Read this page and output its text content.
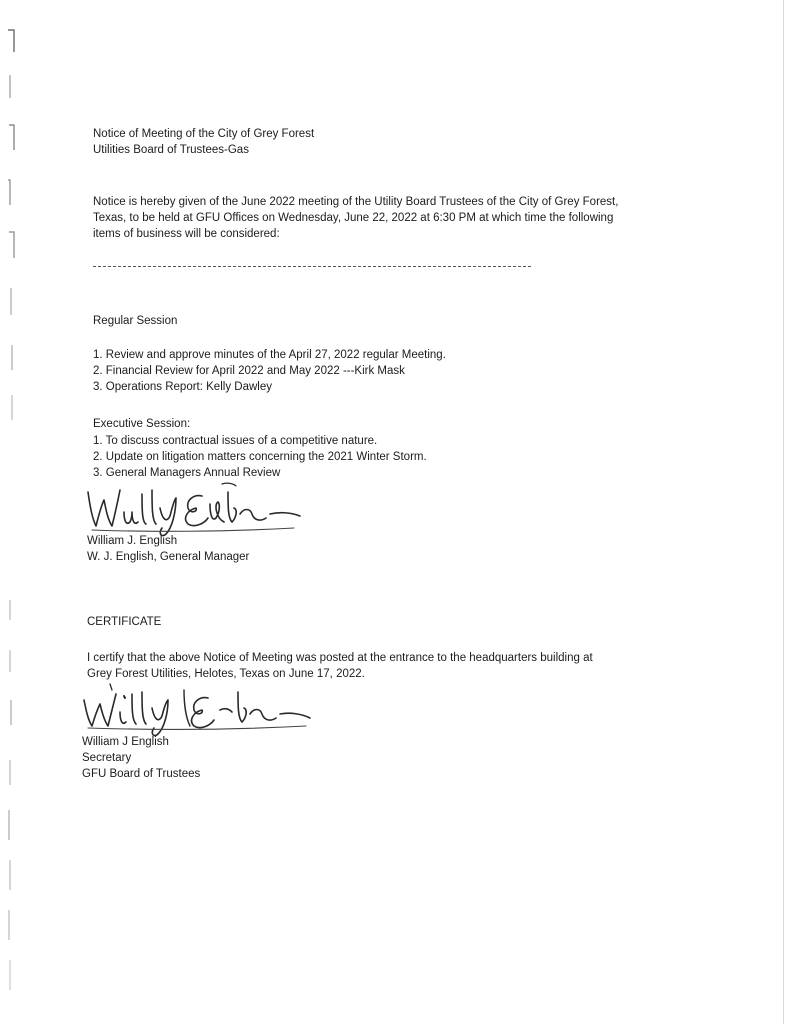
Notice of Meeting of the City of Grey Forest
Utilities Board of Trustees-Gas
Notice is hereby given of the June 2022 meeting of the Utility Board Trustees of the City of Grey Forest,
Texas, to be held at GFU Offices on Wednesday, June 22, 2022 at 6:30 PM at which time the following
items of business will be considered:
Regular Session
1. Review and approve minutes of the April 27, 2022 regular Meeting.
2. Financial Review for April 2022 and May 2022 ---Kirk Mask
3. Operations Report: Kelly Dawley
Executive Session:
1. To discuss contractual issues of a competitive nature.
2. Update on litigation matters concerning the 2021 Winter Storm.
3. General Managers Annual Review
William J. English
W. J. English, General Manager
CERTIFICATE
I certify that the above Notice of Meeting was posted at the entrance to the headquarters building at
Grey Forest Utilities, Helotes, Texas on June 17, 2022.
William J English
Secretary
GFU Board of Trustees
